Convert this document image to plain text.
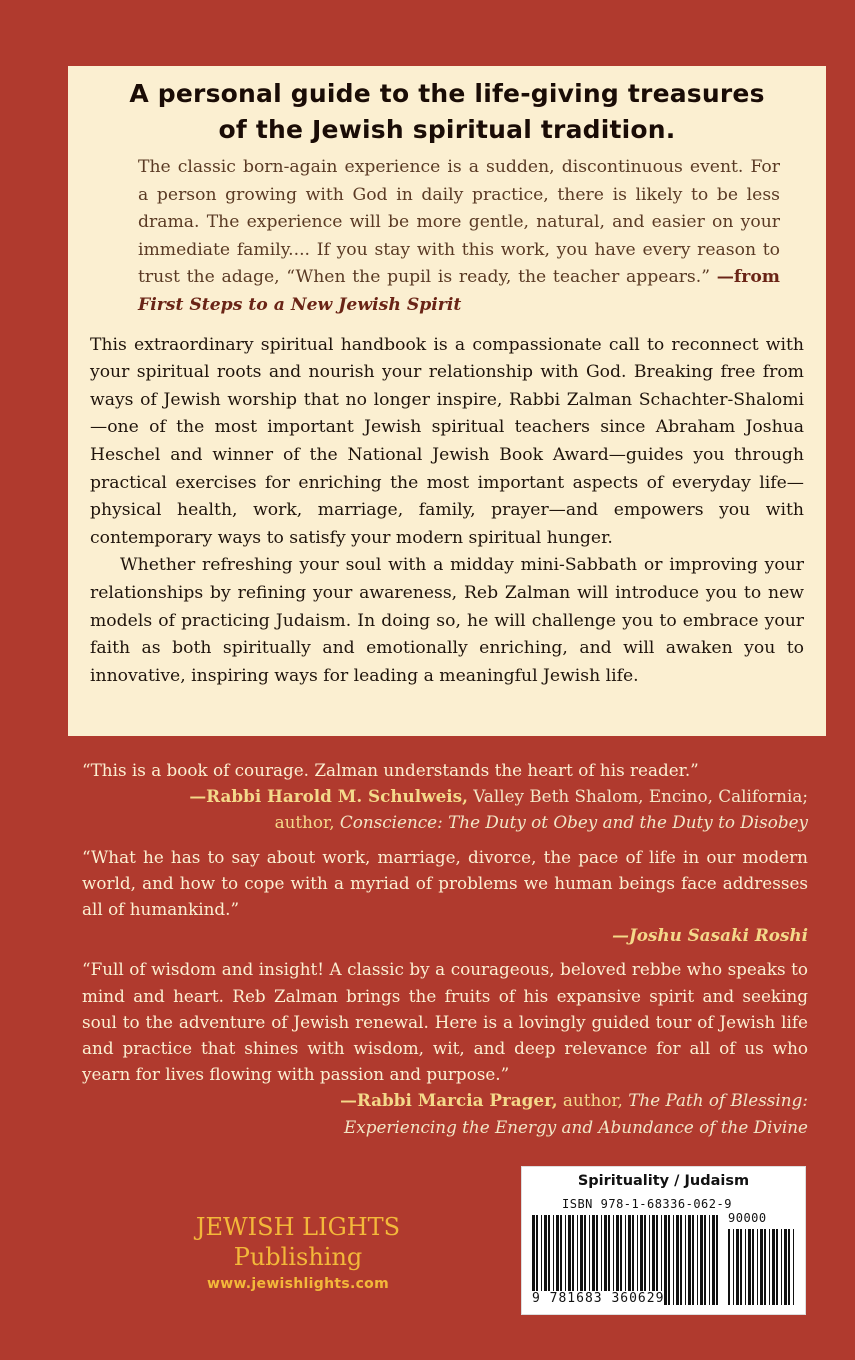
A personal guide to the life-giving treasures
of the Jewish spiritual tradition.

The classic born-again experience is a sudden, discontinuous event. For a person growing with God in daily practice, there is likely to be less drama. The experience will be more gentle, natural, and easier on your immediate family.... If you stay with this work, you have every reason to trust the adage, “When the pupil is ready, the teacher appears.” —from First Steps to a New Jewish Spirit

This extraordinary spiritual handbook is a compassionate call to reconnect with your spiritual roots and nourish your relationship with God. Breaking free from ways of Jewish worship that no longer inspire, Rabbi Zalman Schachter-Shalomi—one of the most important Jewish spiritual teachers since Abraham Joshua Heschel and winner of the National Jewish Book Award—guides you through practical exercises for enriching the most important aspects of everyday life—physical health, work, marriage, family, prayer—and empowers you with contemporary ways to satisfy your modern spiritual hunger.

Whether refreshing your soul with a midday mini-Sabbath or improving your relationships by refining your awareness, Reb Zalman will introduce you to new models of practicing Judaism. In doing so, he will challenge you to embrace your faith as both spiritually and emotionally enriching, and will awaken you to innovative, inspiring ways for leading a meaningful Jewish life.

“This is a book of courage. Zalman understands the heart of his reader.”

—Rabbi Harold M. Schulweis, Valley Beth Shalom, Encino, California;
author, Conscience: The Duty ot Obey and the Duty to Disobey

“What he has to say about work, marriage, divorce, the pace of life in our modern world, and how to cope with a myriad of problems we human beings face addresses all of humankind.”

—Joshu Sasaki Roshi

“Full of wisdom and insight! A classic by a courageous, beloved rebbe who speaks to mind and heart. Reb Zalman brings the fruits of his expansive spirit and seeking soul to the adventure of Jewish renewal. Here is a lovingly guided tour of Jewish life and practice that shines with wisdom, wit, and deep relevance for all of us who yearn for lives flowing with passion and purpose.”

—Rabbi Marcia Prager, author, The Path of Blessing:
Experiencing the Energy and Abundance of the Divine

JEWISH LIGHTS Publishing

www.jewishlights.com

Spirituality / Judaism

ISBN 978-1-68336-062-9
90000
9 781683 360629
